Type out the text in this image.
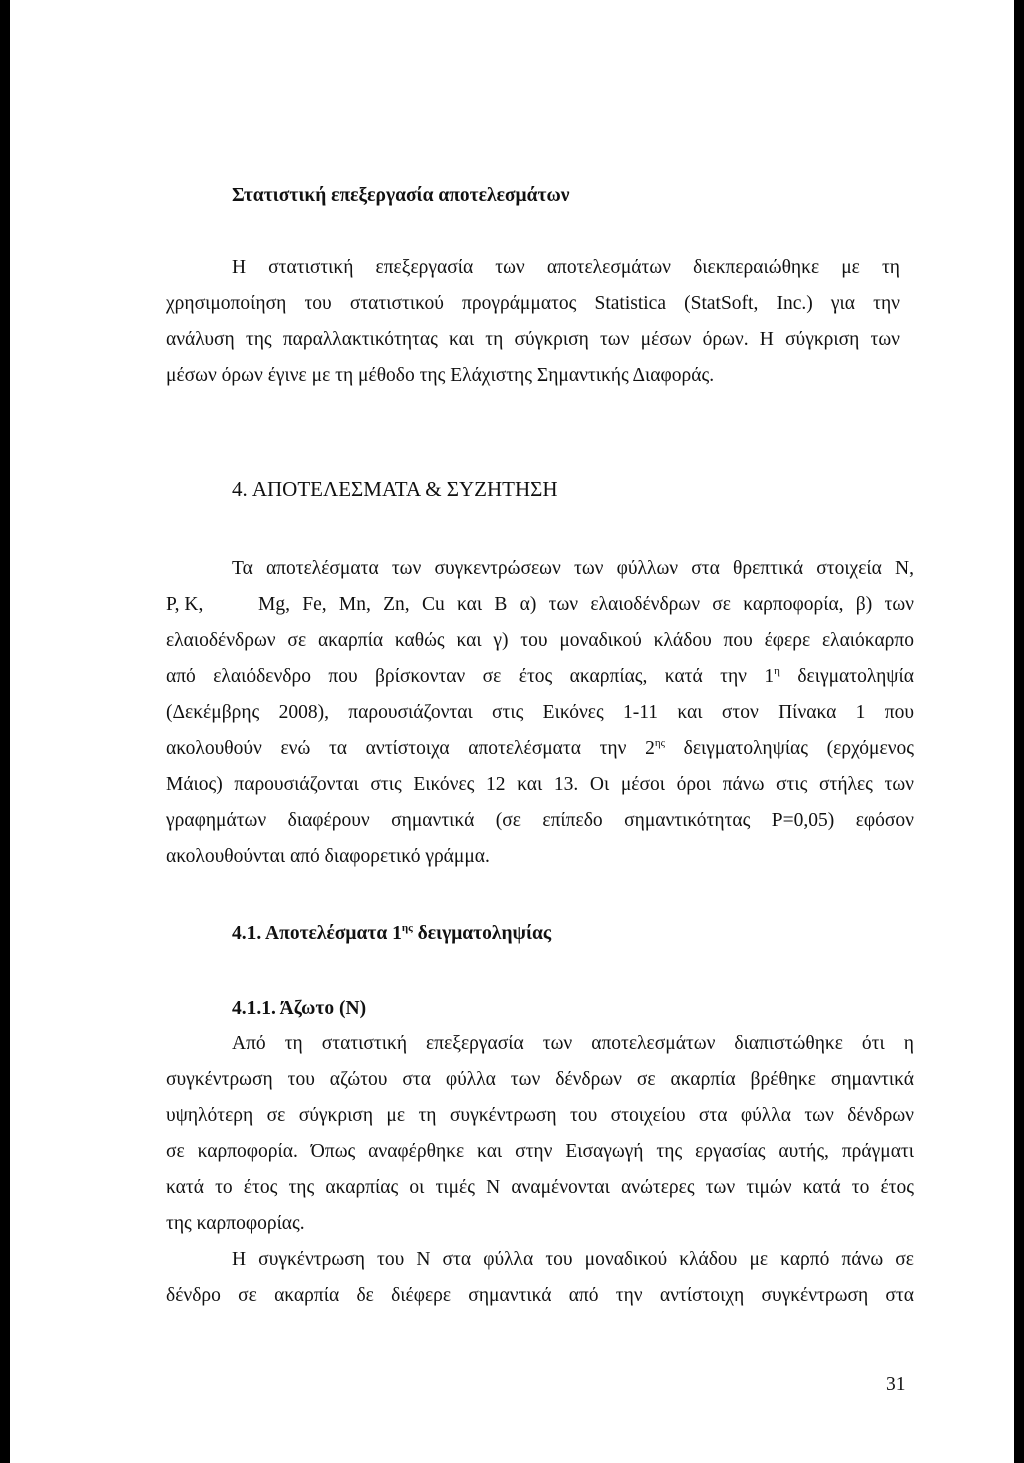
Στατιστική επεξεργασία αποτελεσμάτων
Η στατιστική επεξεργασία των αποτελεσμάτων διεκπεραιώθηκε με τη
χρησιμοποίηση του στατιστικού προγράμματος Statistica (StatSoft, Inc.) για την
ανάλυση της παραλλακτικότητας και τη σύγκριση των μέσων όρων. Η σύγκριση των
μέσων όρων έγινε με τη μέθοδο της Ελάχιστης Σημαντικής Διαφοράς.
4. ΑΠΟΤΕΛΕΣΜΑΤΑ & ΣΥΖΗΤΗΣΗ
Τα αποτελέσματα των συγκεντρώσεων των φύλλων στα θρεπτικά στοιχεία Ν,
P, K,	Mg, Fe, Mn, Zn, Cu και B α) των ελαιοδένδρων σε καρποφορία, β) των
ελαιοδένδρων σε ακαρπία καθώς και γ) του μοναδικού κλάδου που έφερε ελαιόκαρπο
από ελαιόδενδρο που βρίσκονταν σε έτος ακαρπίας, κατά την $1^\eta$ δειγματοληψία
(Δεκέμβρης 2008), παρουσιάζονται στις Εικόνες 1-11 και στον Πίνακα 1 που
ακολουθούν ενώ τα αντίστοιχα αποτελέσματα την $2^{\eta\varsigma}$ δειγματοληψίας (ερχόμενος
Μάιος) παρουσιάζονται στις Εικόνες 12 και 13. Οι μέσοι όροι πάνω στις στήλες των
γραφημάτων διαφέρουν σημαντικά (σε επίπεδο σημαντικότητας P=0,05) εφόσον
ακολουθούνται από διαφορετικό γράμμα.
4.1. Αποτελέσματα $1^{\eta\varsigma}$ δειγματοληψίας
4.1.1. Άζωτο (Ν)
Από τη στατιστική επεξεργασία των αποτελεσμάτων διαπιστώθηκε ότι η
συγκέντρωση του αζώτου στα φύλλα των δένδρων σε ακαρπία βρέθηκε σημαντικά
υψηλότερη σε σύγκριση με τη συγκέντρωση του στοιχείου στα φύλλα των δένδρων
σε καρποφορία. Όπως αναφέρθηκε και στην Εισαγωγή της εργασίας αυτής, πράγματι
κατά το έτος της ακαρπίας οι τιμές Ν αναμένονται ανώτερες των τιμών κατά το έτος
της καρποφορίας.
Η συγκέντρωση του Ν στα φύλλα του μοναδικού κλάδου με καρπό πάνω σε
δένδρο σε ακαρπία δε διέφερε σημαντικά από την αντίστοιχη συγκέντρωση στα
31
